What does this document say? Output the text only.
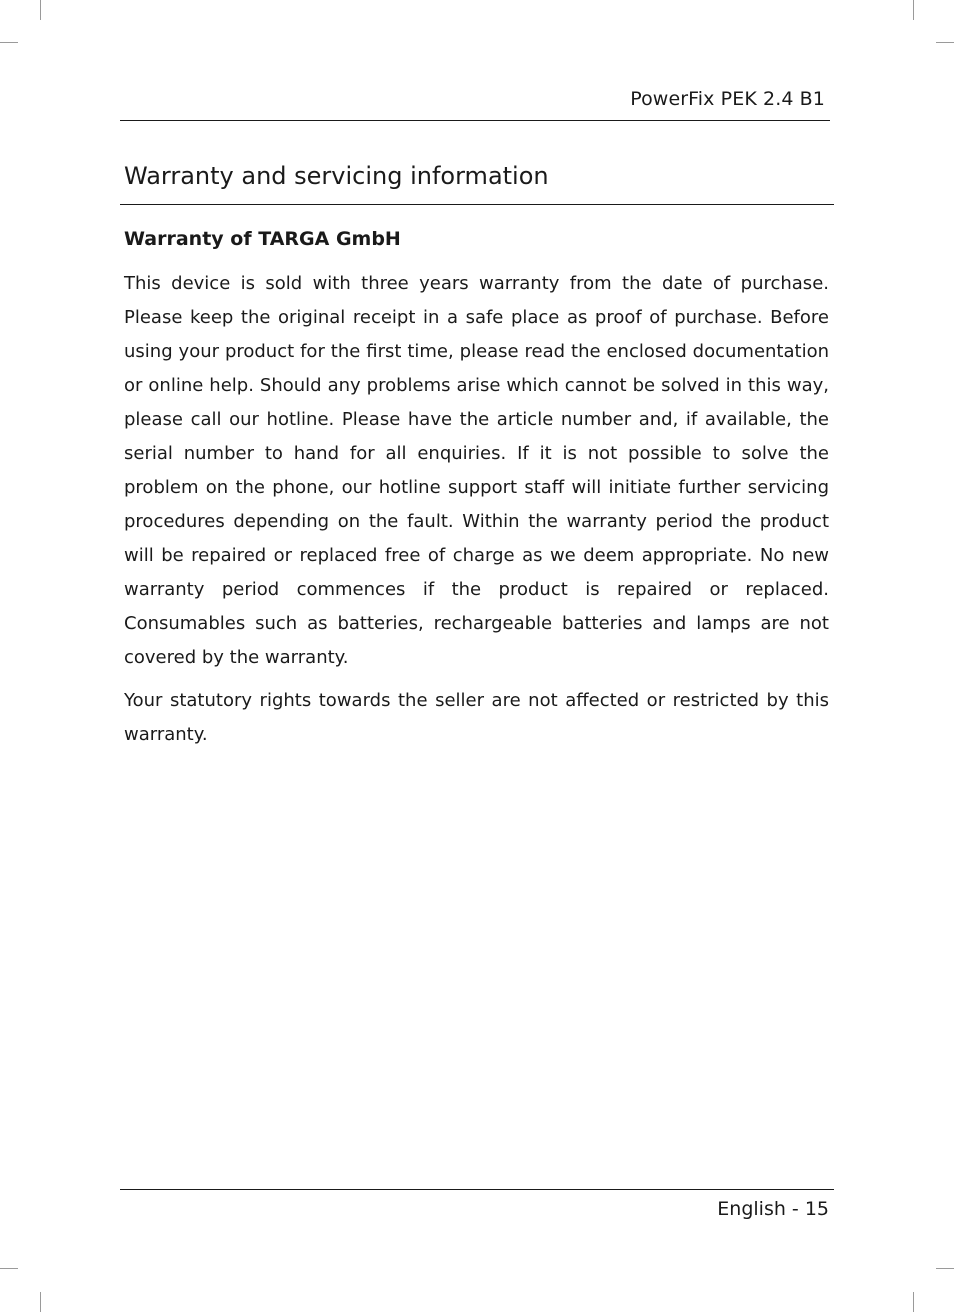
PowerFix PEK 2.4 B1
Warranty and servicing information
Warranty of TARGA GmbH

This device is sold with three years warranty from the date of purchase. Please keep the original receipt in a safe place as proof of purchase. Before using your product for the first time, please read the enclosed documentation or online help. Should any problems arise which cannot be solved in this way, please call our hotline. Please have the article number and, if available, the serial number to hand for all enquiries. If it is not possible to solve the problem on the phone, our hotline support staff will initiate further servicing procedures depending on the fault. Within the warranty period the product will be repaired or replaced free of charge as we deem appropriate. No new warranty period commences if the product is repaired or replaced. Consumables such as batteries, rechargeable batteries and lamps are not covered by the warranty.

Your statutory rights towards the seller are not affected or restricted by this warranty.

English - 15
